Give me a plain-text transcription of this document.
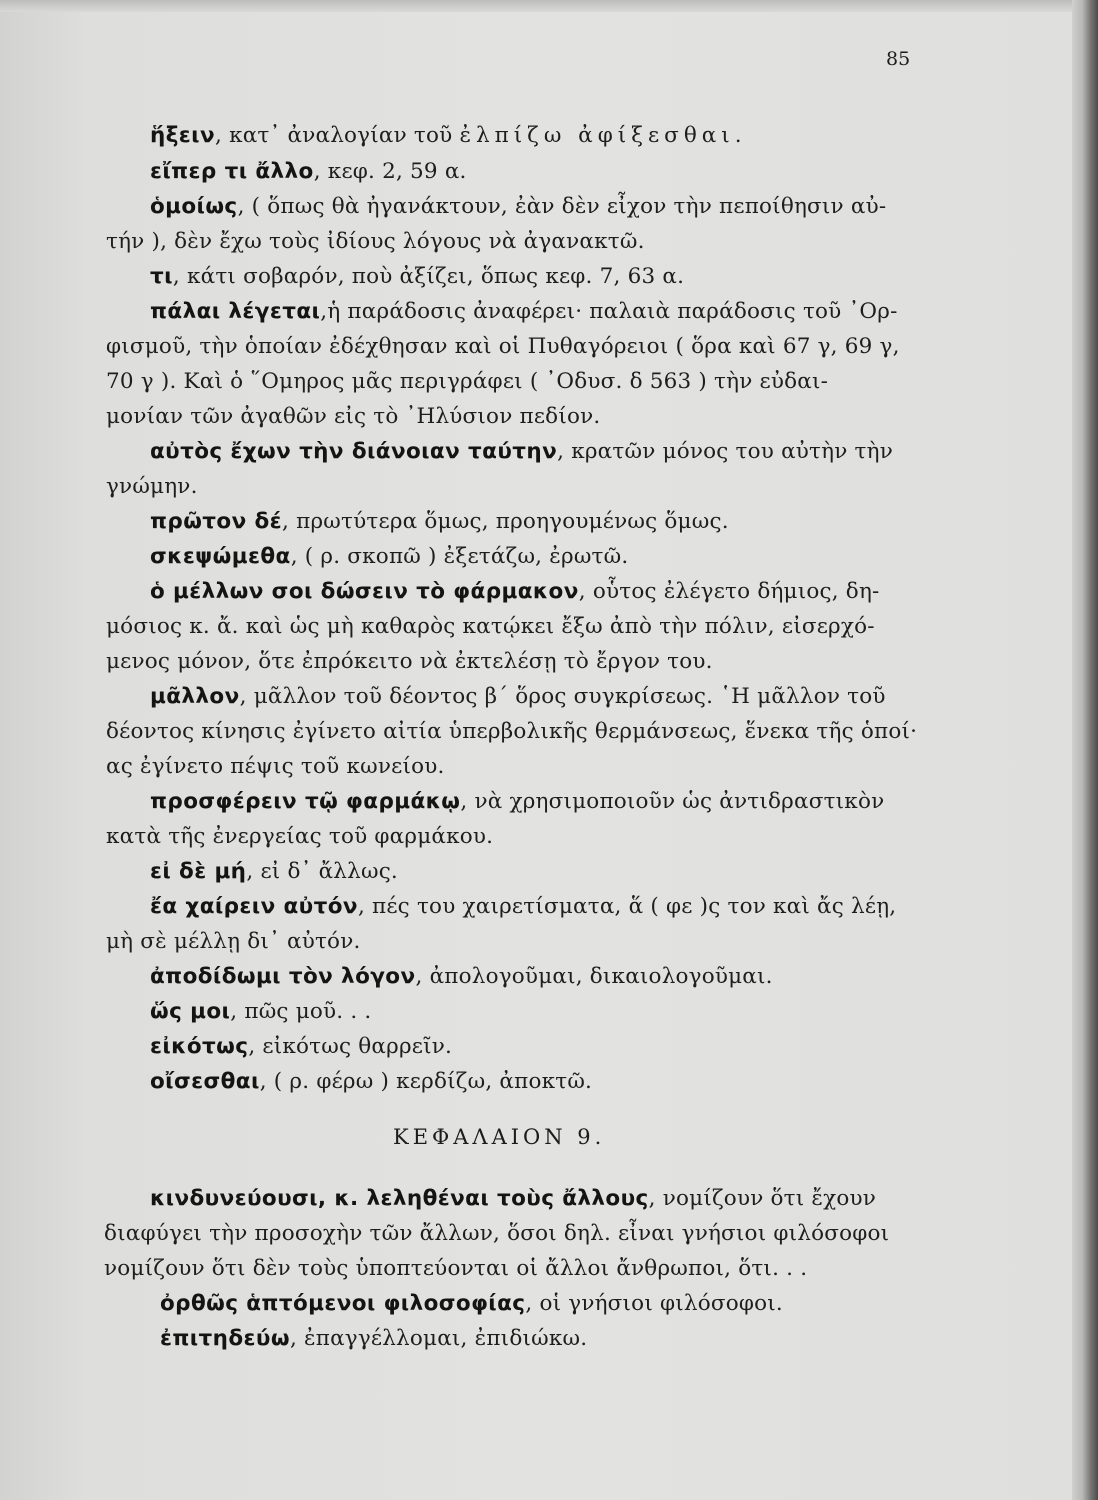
85
ἥξειν, κατ᾽ ἀναλογίαν τοῦ ἐλπίζω ἀφίξεσθαι.
εἴπερ τι ἄλλο, κεφ. 2, 59 α.
ὁμοίως, ( ὅπως θὰ ἠγανάκτουν, ἐὰν δὲν εἶχον τὴν πεποίθησιν αὐ-
τήν ), δὲν ἔχω τοὺς ἰδίους λόγους νὰ ἀγανακτῶ.
τι, κάτι σοβαρόν, ποὺ ἀξίζει, ὅπως κεφ. 7, 63 α.
πάλαι λέγεται,ἡ παράδοσις ἀναφέρει· παλαιὰ παράδοσις τοῦ ᾽Ορ-
φισμοῦ, τὴν ὁποίαν ἐδέχθησαν καὶ οἱ Πυθαγόρειοι ( ὅρα καὶ 67 γ, 69 γ,
70 γ ). Καὶ ὁ ῞Ομηρος μᾶς περιγράφει ( ᾽Οδυσ. δ 563 ) τὴν εὐδαι-
μονίαν τῶν ἀγαθῶν εἰς τὸ ᾽Ηλύσιον πεδίον.
αὐτὸς ἔχων τὴν διάνοιαν ταύτην, κρατῶν μόνος του αὐτὴν τὴν
γνώμην.
πρῶτον δέ, πρωτύτερα ὅμως, προηγουμένως ὅμως.
σκεψώμεθα, ( ρ. σκοπῶ ) ἐξετάζω, ἐρωτῶ.
ὁ μέλλων σοι δώσειν τὸ φάρμακον, οὗτος ἐλέγετο δήμιος, δη-
μόσιος κ. ἄ. καὶ ὡς μὴ καθαρὸς κατῴκει ἔξω ἀπὸ τὴν πόλιν, εἰσερχό-
μενος μόνον, ὅτε ἐπρόκειτο νὰ ἐκτελέσῃ τὸ ἔργον του.
μᾶλλον, μᾶλλον τοῦ δέοντος β΄ ὅρος συγκρίσεως. ῾Η μᾶλλον τοῦ
δέοντος κίνησις ἐγίνετο αἰτία ὑπερβολικῆς θερμάνσεως, ἕνεκα τῆς ὁποί·
ας ἐγίνετο πέψις τοῦ κωνείου.
προσφέρειν τῷ φαρμάκῳ, νὰ χρησιμοποιοῦν ὡς ἀντιδραστικὸν
κατὰ τῆς ἐνεργείας τοῦ φαρμάκου.
εἰ δὲ μή, εἰ δ᾽ ἄλλως.
ἔα χαίρειν αὐτόν, πές του χαιρετίσματα, ἅ ( φε )ς τον καὶ ἄς λέῃ,
μὴ σὲ μέλλῃ δι᾽ αὐτόν.
ἀποδίδωμι τὸν λόγον, ἀπολογοῦμαι, δικαιολογοῦμαι.
ὥς μοι, πῶς μοῦ. . .
εἰκότως, εἰκότως θαρρεῖν.
οἴσεσθαι, ( ρ. φέρω ) κερδίζω, ἀποκτῶ.
ΚΕΦΑΛΑΙΟΝ 9.
κινδυνεύουσι, κ. λεληθέναι τοὺς ἄλλους, νομίζουν ὅτι ἔχουν
διαφύγει τὴν προσοχὴν τῶν ἄλλων, ὅσοι δηλ. εἶναι γνήσιοι φιλόσοφοι
νομίζουν ὅτι δὲν τοὺς ὑποπτεύονται οἱ ἄλλοι ἄνθρωποι, ὅτι. . .
ὀρθῶς ἁπτόμενοι φιλοσοφίας, οἱ γνήσιοι φιλόσοφοι.
ἐπιτηδεύω, ἐπαγγέλλομαι, ἐπιδιώκω.
